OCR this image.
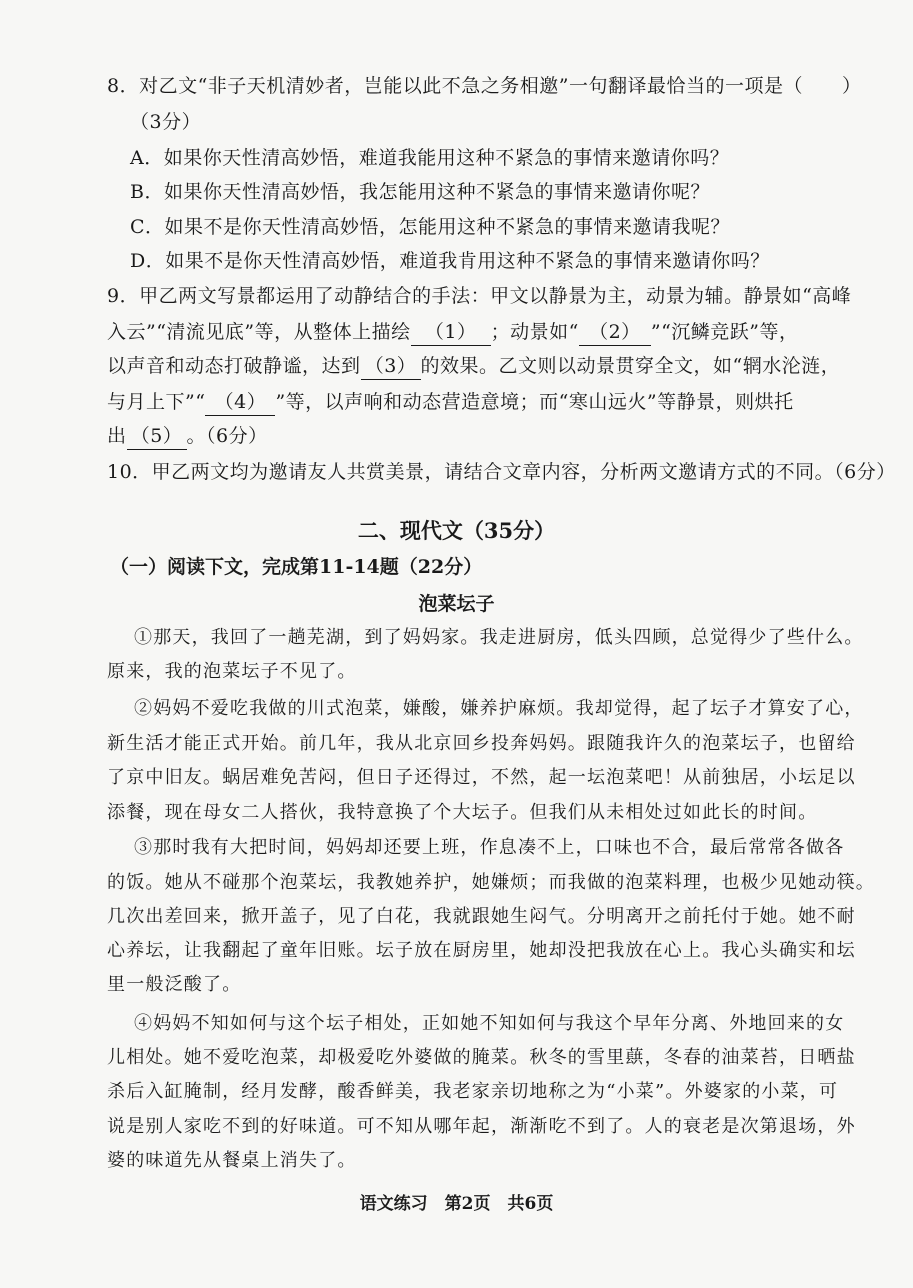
8．对乙文“非子天机清妙者，岂能以此不急之务相邀”一句翻译最恰当的一项是（　　）
（3分）
A．如果你天性清高妙悟，难道我能用这种不紧急的事情来邀请你吗？
B．如果你天性清高妙悟，我怎能用这种不紧急的事情来邀请你呢？
C．如果不是你天性清高妙悟，怎能用这种不紧急的事情来邀请我呢？
D．如果不是你天性清高妙悟，难道我肯用这种不紧急的事情来邀请你吗？
9．甲乙两文写景都运用了动静结合的手法：甲文以静景为主，动景为辅。静景如“高峰
入云”“清流见底”等，从整体上描绘 （1） ；动景如“ （2） ”“沉鳞竞跃”等，
以声音和动态打破静谧，达到 （3） 的效果。乙文则以动景贯穿全文，如“辋水沦涟，
与月上下”“ （4） ”等，以声响和动态营造意境；而“寒山远火”等静景，则烘托
出 （5） 。（6分）
10．甲乙两文均为邀请友人共赏美景，请结合文章内容，分析两文邀请方式的不同。（6分）
二、现代文（35分）
（一）阅读下文，完成第11-14题（22分）
泡菜坛子
①那天，我回了一趟芜湖，到了妈妈家。我走进厨房，低头四顾，总觉得少了些什么。
原来，我的泡菜坛子不见了。
②妈妈不爱吃我做的川式泡菜，嫌酸，嫌养护麻烦。我却觉得，起了坛子才算安了心，
新生活才能正式开始。前几年，我从北京回乡投奔妈妈。跟随我许久的泡菜坛子，也留给
了京中旧友。蜗居难免苦闷，但日子还得过，不然，起一坛泡菜吧！从前独居，小坛足以
添餐，现在母女二人搭伙，我特意换了个大坛子。但我们从未相处过如此长的时间。
③那时我有大把时间，妈妈却还要上班，作息凑不上，口味也不合，最后常常各做各
的饭。她从不碰那个泡菜坛，我教她养护，她嫌烦；而我做的泡菜料理，也极少见她动筷。
几次出差回来，掀开盖子，见了白花，我就跟她生闷气。分明离开之前托付于她。她不耐
心养坛，让我翻起了童年旧账。坛子放在厨房里，她却没把我放在心上。我心头确实和坛
里一般泛酸了。
④妈妈不知如何与这个坛子相处，正如她不知如何与我这个早年分离、外地回来的女
儿相处。她不爱吃泡菜，却极爱吃外婆做的腌菜。秋冬的雪里蕻，冬春的油菜苔，日晒盐
杀后入缸腌制，经月发酵，酸香鲜美，我老家亲切地称之为“小菜”。外婆家的小菜，可
说是别人家吃不到的好味道。可不知从哪年起，渐渐吃不到了。人的衰老是次第退场，外
婆的味道先从餐桌上消失了。
语文练习　第2页　共6页
